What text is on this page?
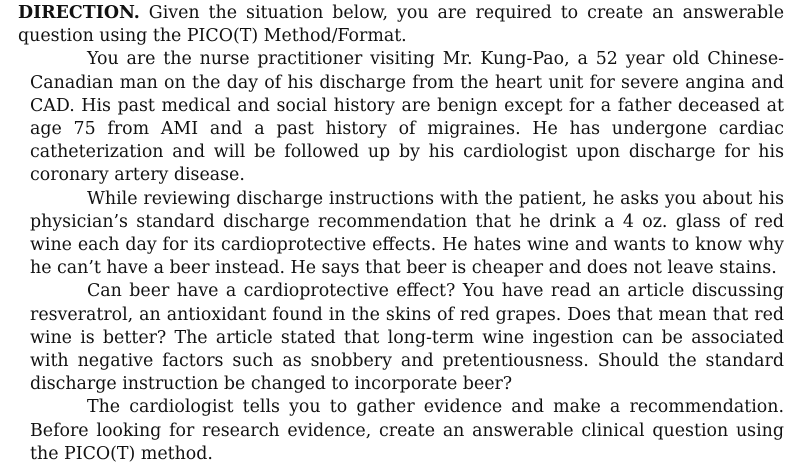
DIRECTION. Given the situation below, you are required to create an answerable question using the PICO(T) Method/Format.

You are the nurse practitioner visiting Mr. Kung-Pao, a 52 year old Chinese-Canadian man on the day of his discharge from the heart unit for severe angina and CAD. His past medical and social history are benign except for a father deceased at age 75 from AMI and a past history of migraines. He has undergone cardiac catheterization and will be followed up by his cardiologist upon discharge for his coronary artery disease.

While reviewing discharge instructions with the patient, he asks you about his physician’s standard discharge recommendation that he drink a 4 oz. glass of red wine each day for its cardioprotective effects. He hates wine and wants to know why he can’t have a beer instead. He says that beer is cheaper and does not leave stains.

Can beer have a cardioprotective effect? You have read an article discussing resveratrol, an antioxidant found in the skins of red grapes. Does that mean that red wine is better? The article stated that long-term wine ingestion can be associated with negative factors such as snobbery and pretentiousness. Should the standard discharge instruction be changed to incorporate beer?

The cardiologist tells you to gather evidence and make a recommendation. Before looking for research evidence, create an answerable clinical question using the PICO(T) method.
